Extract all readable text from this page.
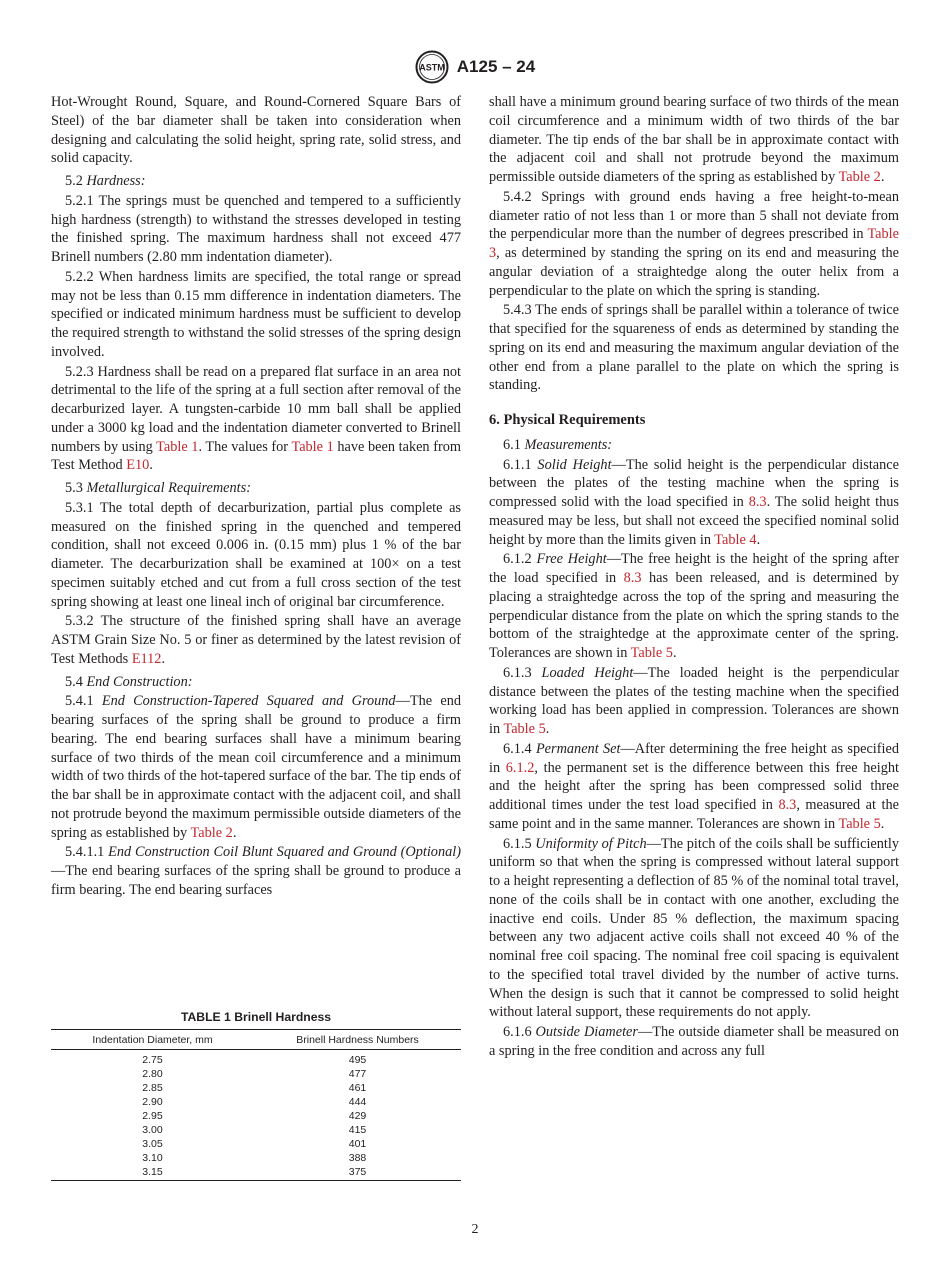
ASTM A125 – 24

Hot-Wrought Round, Square, and Round-Cornered Square Bars of Steel) of the bar diameter shall be taken into consideration when designing and calculating the solid height, spring rate, solid stress, and solid capacity.

5.2 Hardness:

5.2.1 The springs must be quenched and tempered to a sufficiently high hardness (strength) to withstand the stresses developed in testing the finished spring. The maximum hardness shall not exceed 477 Brinell numbers (2.80 mm indentation diameter).

5.2.2 When hardness limits are specified, the total range or spread may not be less than 0.15 mm difference in indentation diameters. The specified or indicated minimum hardness must be sufficient to develop the required strength to withstand the solid stresses of the spring design involved.

5.2.3 Hardness shall be read on a prepared flat surface in an area not detrimental to the life of the spring at a full section after removal of the decarburized layer. A tungsten-carbide 10 mm ball shall be applied under a 3000 kg load and the indentation diameter converted to Brinell numbers by using Table 1. The values for Table 1 have been taken from Test Method E10.

5.3 Metallurgical Requirements:

5.3.1 The total depth of decarburization, partial plus complete as measured on the finished spring in the quenched and tempered condition, shall not exceed 0.006 in. (0.15 mm) plus 1 % of the bar diameter. The decarburization shall be examined at 100× on a test specimen suitably etched and cut from a full cross section of the test spring showing at least one lineal inch of original bar circumference.

5.3.2 The structure of the finished spring shall have an average ASTM Grain Size No. 5 or finer as determined by the latest revision of Test Methods E112.

5.4 End Construction:

5.4.1 End Construction-Tapered Squared and Ground—The end bearing surfaces of the spring shall be ground to produce a firm bearing. The end bearing surfaces shall have a minimum bearing surface of two thirds of the mean coil circumference and a minimum width of two thirds of the hot-tapered surface of the bar. The tip ends of the bar shall be in approximate contact with the adjacent coil, and shall not protrude beyond the maximum permissible outside diameters of the spring as established by Table 2.

5.4.1.1 End Construction Coil Blunt Squared and Ground (Optional)—The end bearing surfaces of the spring shall be ground to produce a firm bearing. The end bearing surfaces

TABLE 1 Brinell Hardness
Indentation Diameter, mm	Brinell Hardness Numbers
2.75	495
2.80	477
2.85	461
2.90	444
2.95	429
3.00	415
3.05	401
3.10	388
3.15	375

shall have a minimum ground bearing surface of two thirds of the mean coil circumference and a minimum width of two thirds of the bar diameter. The tip ends of the bar shall be in approximate contact with the adjacent coil and shall not protrude beyond the maximum permissible outside diameters of the spring as established by Table 2.

5.4.2 Springs with ground ends having a free height-to-mean diameter ratio of not less than 1 or more than 5 shall not deviate from the perpendicular more than the number of degrees prescribed in Table 3, as determined by standing the spring on its end and measuring the angular deviation of a straightedge along the outer helix from a perpendicular to the plate on which the spring is standing.

5.4.3 The ends of springs shall be parallel within a tolerance of twice that specified for the squareness of ends as determined by standing the spring on its end and measuring the maximum angular deviation of the other end from a plane parallel to the plate on which the spring is standing.

6. Physical Requirements

6.1 Measurements:

6.1.1 Solid Height—The solid height is the perpendicular distance between the plates of the testing machine when the spring is compressed solid with the load specified in 8.3. The solid height thus measured may be less, but shall not exceed the specified nominal solid height by more than the limits given in Table 4.

6.1.2 Free Height—The free height is the height of the spring after the load specified in 8.3 has been released, and is determined by placing a straightedge across the top of the spring and measuring the perpendicular distance from the plate on which the spring stands to the bottom of the straightedge at the approximate center of the spring. Tolerances are shown in Table 5.

6.1.3 Loaded Height—The loaded height is the perpendicular distance between the plates of the testing machine when the specified working load has been applied in compression. Tolerances are shown in Table 5.

6.1.4 Permanent Set—After determining the free height as specified in 6.1.2, the permanent set is the difference between this free height and the height after the spring has been compressed solid three additional times under the test load specified in 8.3, measured at the same point and in the same manner. Tolerances are shown in Table 5.

6.1.5 Uniformity of Pitch—The pitch of the coils shall be sufficiently uniform so that when the spring is compressed without lateral support to a height representing a deflection of 85 % of the nominal total travel, none of the coils shall be in contact with one another, excluding the inactive end coils. Under 85 % deflection, the maximum spacing between any two adjacent active coils shall not exceed 40 % of the nominal free coil spacing. The nominal free coil spacing is equivalent to the specified total travel divided by the number of active turns. When the design is such that it cannot be compressed to solid height without lateral support, these requirements do not apply.

6.1.6 Outside Diameter—The outside diameter shall be measured on a spring in the free condition and across any full

2
